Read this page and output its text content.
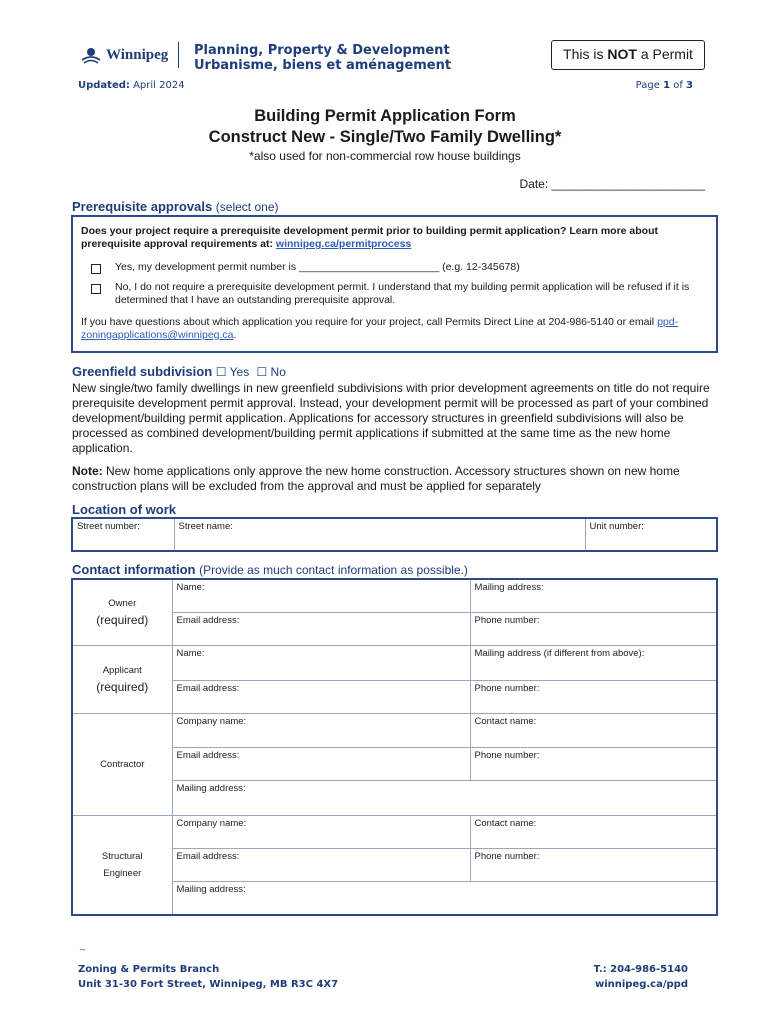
Winnipeg	Planning, Property & Development
Urbanisme, biens et aménagement
This is NOT a Permit
Updated: April 2024	Page 1 of 3
Building Permit Application Form
Construct New - Single/Two Family Dwelling*
*also used for non-commercial row house buildings
Date: _______________________
Prerequisite approvals (select one)
Does your project require a prerequisite development permit prior to building permit application? Learn more about prerequisite approval requirements at: winnipeg.ca/permitprocess
Yes, my development permit number is ________________________ (e.g. 12-345678)
No, I do not require a prerequisite development permit. I understand that my building permit application will be refused if it is determined that I have an outstanding prerequisite approval.
If you have questions about which application you require for your project, call Permits Direct Line at 204-986-5140 or email ppd-zoningapplications@winnipeg.ca.
Greenfield subdivision ☐ Yes ☐ No
New single/two family dwellings in new greenfield subdivisions with prior development agreements on title do not require prerequisite development permit approval. Instead, your development permit will be processed as part of your combined development/building permit application. Applications for accessory structures in greenfield subdivisions will also be processed as combined development/building permit applications if submitted at the same time as the new home application.
Note: New home applications only approve the new home construction. Accessory structures shown on new home construction plans will be excluded from the approval and must be applied for separately
Location of work
Street number:	Street name:	Unit number:
Contact information (Provide as much contact information as possible.)
Owner
(required)	Name:	Mailing address:
	Email address:	Phone number:
Applicant
(required)	Name:	Mailing address (if different from above):
	Email address:	Phone number:
Contractor	Company name:	Contact name:
	Email address:	Phone number:
	Mailing address:	
Structural
Engineer	Company name:	Contact name:
	Email address:	Phone number:
	Mailing address:	
_
Zoning & Permits Branch
Unit 31-30 Fort Street, Winnipeg, MB R3C 4X7
T.: 204-986-5140
winnipeg.ca/ppd
